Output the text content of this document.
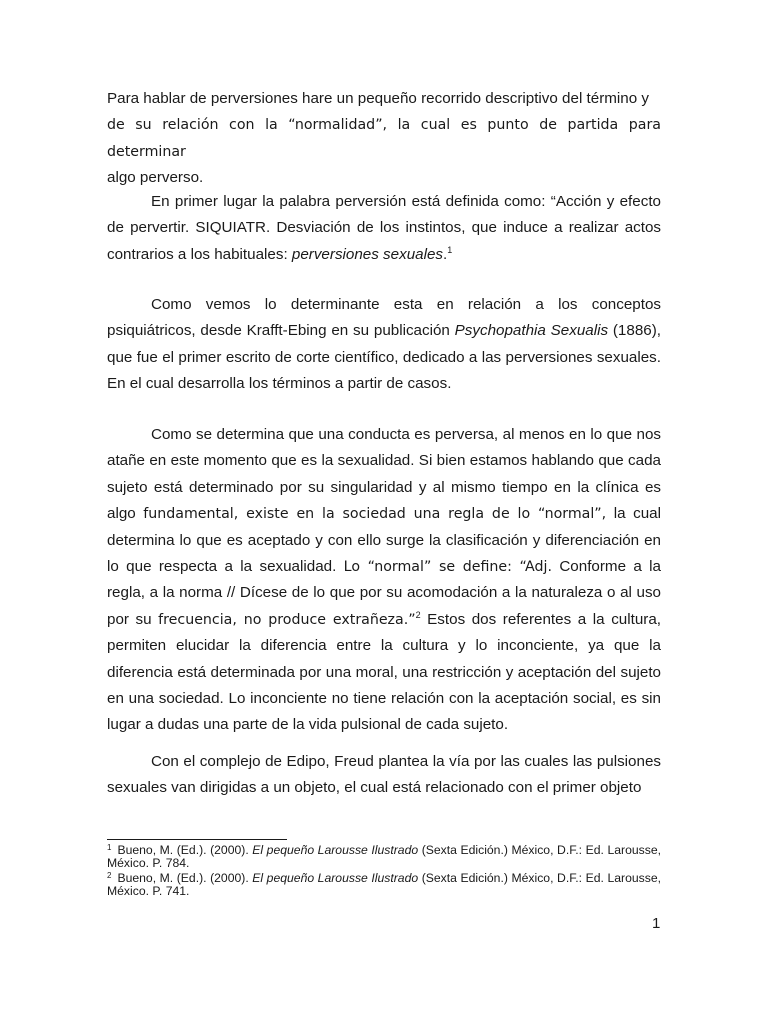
Para hablar de perversiones hare un pequeño recorrido descriptivo del término y
de su relación con la “normalidad”, la cual es punto de partida para determinar
algo perverso.

En primer lugar la palabra perversión está definida como: “Acción y efecto de pervertir. SIQUIATR. Desviación de los instintos, que induce a realizar actos contrarios a los habituales: perversiones sexuales.$^1$

Como vemos lo determinante esta en relación a los conceptos psiquiátricos, desde Krafft-Ebing en su publicación Psychopathia Sexualis (1886), que fue el primer escrito de corte científico, dedicado a las perversiones sexuales. En el cual desarrolla los términos a partir de casos.

Como se determina que una conducta es perversa, al menos en lo que nos atañe en este momento que es la sexualidad. Si bien estamos hablando que cada sujeto está determinado por su singularidad y al mismo tiempo en la clínica es algo fundamental, existe en la sociedad una regla de lo “normal”, la cual determina lo que es aceptado y con ello surge la clasificación y diferenciación en lo que respecta a la sexualidad. Lo “normal” se define: “Adj. Conforme a la regla, a la norma // Dícese de lo que por su acomodación a la naturaleza o al uso por su frecuencia, no produce extrañeza.”$^2$ Estos dos referentes a la cultura, permiten elucidar la diferencia entre la cultura y lo inconciente, ya que la diferencia está determinada por una moral, una restricción y aceptación del sujeto en una sociedad. Lo inconciente no tiene relación con la aceptación social, es sin lugar a dudas una parte de la vida pulsional de cada sujeto.

Con el complejo de Edipo, Freud plantea la vía por las cuales las pulsiones sexuales van dirigidas a un objeto, el cual está relacionado con el primer objeto

$^1$ Bueno, M. (Ed.). (2000). El pequeño Larousse Ilustrado (Sexta Edición.) México, D.F.: Ed. Larousse, México. P. 784.

$^2$ Bueno, M. (Ed.). (2000). El pequeño Larousse Ilustrado (Sexta Edición.) México, D.F.: Ed. Larousse, México. P. 741.

1
